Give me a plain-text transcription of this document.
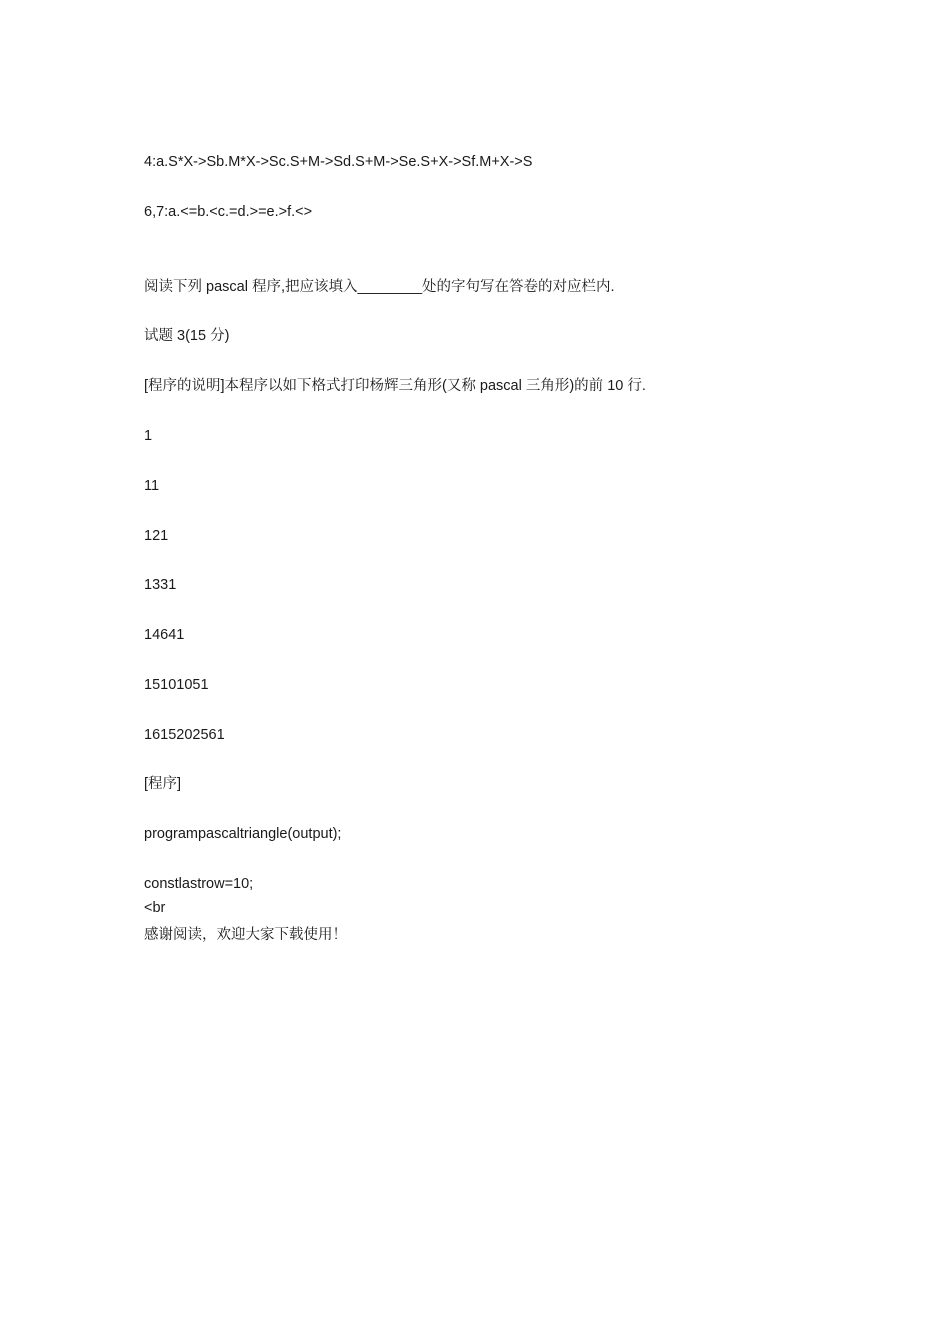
4:a.S*X->Sb.M*X->Sc.S+M->Sd.S+M->Se.S+X->Sf.M+X->S
6,7:a.<=b.<c.=d.>=e.>f.<>
阅读下列 pascal 程序,把应该填入________处的字句写在答卷的对应栏内.
试题 3(15 分)
[程序的说明]本程序以如下格式打印杨辉三角形(又称 pascal 三角形)的前 10 行.
1
11
121
1331
14641
15101051
1615202561
[程序]
programpascaltriangle(output);
constlastrow=10;
<br
感谢阅读，欢迎大家下载使用！
